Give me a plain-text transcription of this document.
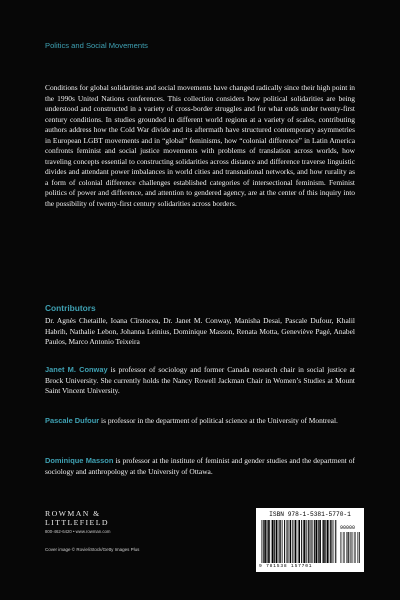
Politics and Social Movements

Conditions for global solidarities and social movements have changed radically since their high point in the 1990s United Nations conferences. This collection considers how political solidarities are being understood and constructed in a variety of cross-border struggles and for what ends under twenty-first century conditions. In studies grounded in different world regions at a variety of scales, contributing authors address how the Cold War divide and its aftermath have structured contemporary asymmetries in European LGBT movements and in “global” feminisms, how “colonial difference” in Latin America confronts feminist and social justice movements with problems of translation across worlds, how traveling concepts essential to constructing solidarities across distance and difference traverse linguistic divides and attendant power imbalances in world cities and transnational networks, and how rurality as a form of colonial difference challenges established categories of intersectional feminism. Feminist politics of power and difference, and attention to gendered agency, are at the center of this inquiry into the possibility of twenty-first century solidarities across borders.

Contributors

Dr. Agnès Chetaille, Ioana Cîrstocea, Dr. Janet M. Conway, Manisha Desai, Pascale Dufour, Khalil Habrih, Nathalie Lebon, Johanna Leinius, Dominique Masson, Renata Motta, Geneviève Pagé, Anabel Paulos, Marco Antonio Teixeira

Janet M. Conway is professor of sociology and former Canada research chair in social justice at Brock University. She currently holds the Nancy Rowell Jackman Chair in Women’s Studies at Mount Saint Vincent University.

Pascale Dufour is professor in the department of political science at the University of Montreal.

Dominique Masson is professor at the institute of feminist and gender studies and the department of sociology and anthropology at the University of Ottawa.

ROWMAN &
LITTLEFIELD
800-462-6420 • www.rowman.com
Cover image © Rovie/iStock/Getty Images Plus
ISBN 978-1-5381-5770-1
90000
9 781538 157701
